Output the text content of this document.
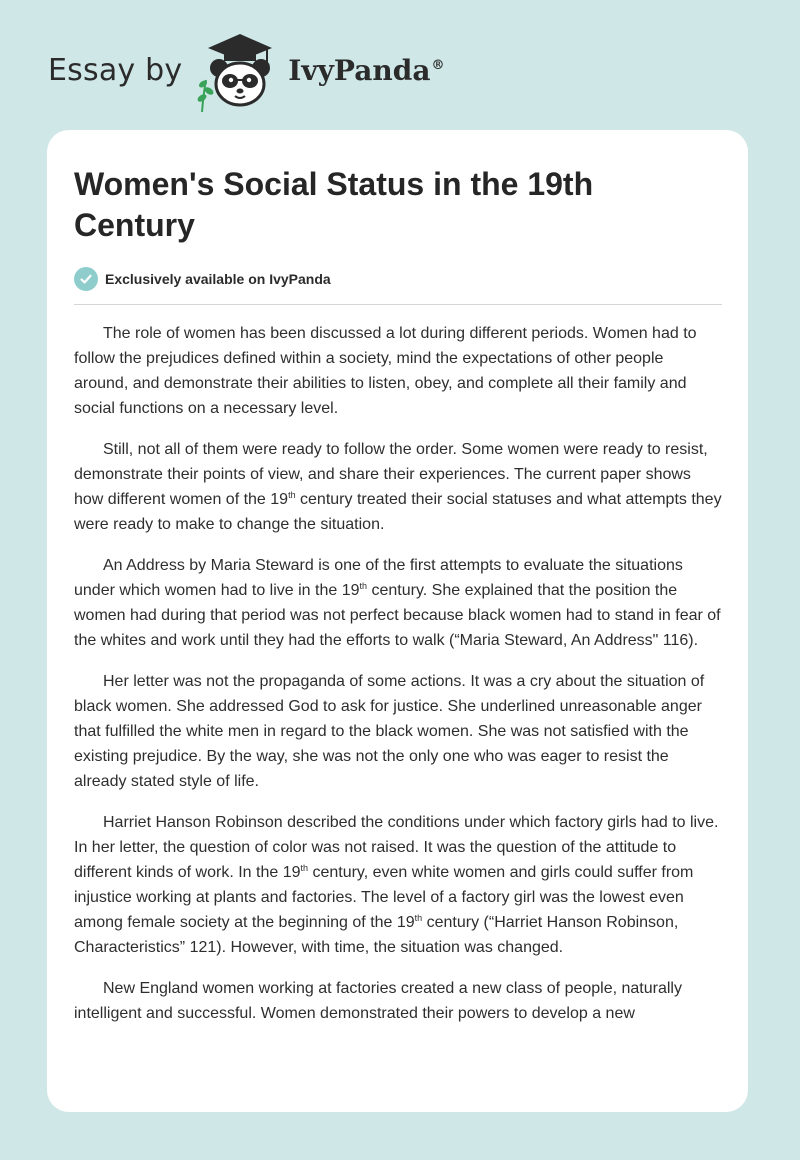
Essay by	IvyPanda®
Women's Social Status in the 19th Century
Exclusively available on IvyPanda

The role of women has been discussed a lot during different periods. Women had to follow the prejudices defined within a society, mind the expectations of other people around, and demonstrate their abilities to listen, obey, and complete all their family and social functions on a necessary level.

Still, not all of them were ready to follow the order. Some women were ready to resist, demonstrate their points of view, and share their experiences. The current paper shows how different women of the 19th century treated their social statuses and what attempts they were ready to make to change the situation.

An Address by Maria Steward is one of the first attempts to evaluate the situations under which women had to live in the 19th century. She explained that the position the women had during that period was not perfect because black women had to stand in fear of the whites and work until they had the efforts to walk (“Maria Steward, An Address" 116).

Her letter was not the propaganda of some actions. It was a cry about the situation of black women. She addressed God to ask for justice. She underlined unreasonable anger that fulfilled the white men in regard to the black women. She was not satisfied with the existing prejudice. By the way, she was not the only one who was eager to resist the already stated style of life.

Harriet Hanson Robinson described the conditions under which factory girls had to live. In her letter, the question of color was not raised. It was the question of the attitude to different kinds of work. In the 19th century, even white women and girls could suffer from injustice working at plants and factories. The level of a factory girl was the lowest even among female society at the beginning of the 19th century (“Harriet Hanson Robinson, Characteristics” 121). However, with time, the situation was changed.

New England women working at factories created a new class of people, naturally intelligent and successful. Women demonstrated their powers to develop a new
